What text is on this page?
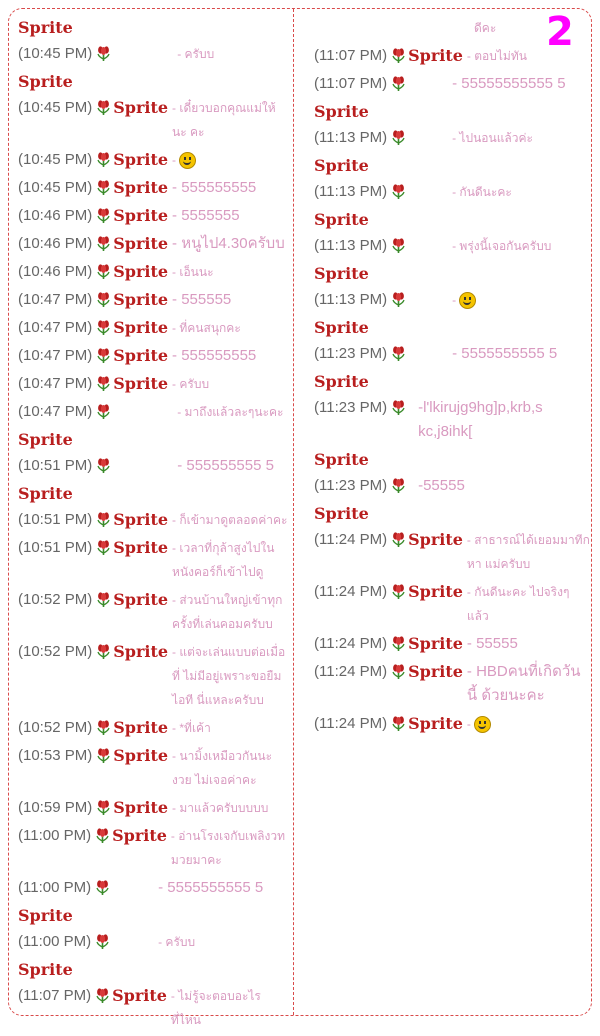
2
Sprite
(10:45 PM)	- ครับบ
Sprite
(10:45 PM) Sprite - เดี๋ยวบอกคุณแม่ให้นะ คะ
(10:45 PM) Sprite -
(10:45 PM) Sprite - 555555555
(10:46 PM) Sprite - 5555555
(10:46 PM) Sprite - หนูไป4.30ครับบ
(10:46 PM) Sprite - เอ็นนะ
(10:47 PM) Sprite - 555555
(10:47 PM) Sprite - ที่คนสนุกคะ
(10:47 PM) Sprite - 555555555
(10:47 PM) Sprite - ครับบ
(10:47 PM)	- มาถึงแล้วละๆนะคะ
Sprite
(10:51 PM)	- 555555555 5
Sprite
(10:51 PM) Sprite - ก็เข้ามาดูตลอดค่าคะ
(10:51 PM) Sprite - เวลาที่กุล้าสูงไปใน หนังคอร์ก็เข้าไปดู
(10:52 PM) Sprite - ส่วนบ้านใหญ่เข้าทุก ครั้งที่เล่นคอมครับบ
(10:52 PM) Sprite - แต่จะเล่นแบบต่อเมื่อที่ ไม่มีอยู่เพราะขอยืมไอที นี่แหละครับบ
(10:52 PM) Sprite - *ที่เค้า
(10:53 PM) Sprite - นามิ้งเหมือวกันนะงวย ไม่เจอค่าคะ
(10:59 PM) Sprite - มาแล้วครับบบบบ
(11:00 PM) Sprite - อ่านโรงเจกับเพลิงวท มวยมาคะ
(11:00 PM)	- 5555555555 5
Sprite
(11:00 PM)	- ครับบ
Sprite
(11:07 PM) Sprite - ไม่รู้จะตอบอะไรที่ไหน
ดีคะ
(11:07 PM) Sprite - ตอบไม่ทัน
(11:07 PM)	- 55555555555 5
Sprite
(11:13 PM)	- ไปนอนแล้วค่ะ
Sprite
(11:13 PM)	- กันดีนะคะ
Sprite
(11:13 PM)	- พรุ่งนี้เจอกันครับบ
Sprite
(11:13 PM)	-
Sprite
(11:23 PM)	- 5555555555 5
Sprite
(11:23 PM) -l'lkirujg9hg]p,krb,s kc,j8ihk[
Sprite
(11:23 PM) -55555
Sprite
(11:24 PM) Sprite - สาธารณ์ได้เยอมมาทีกหา แม่ครับบ
(11:24 PM) Sprite - กันดีนะคะ ไปจริงๆแล้ว
(11:24 PM) Sprite - 55555
(11:24 PM) Sprite - HBDคนที่เกิดวันนี้ ด้วยนะคะ
(11:24 PM) Sprite -
